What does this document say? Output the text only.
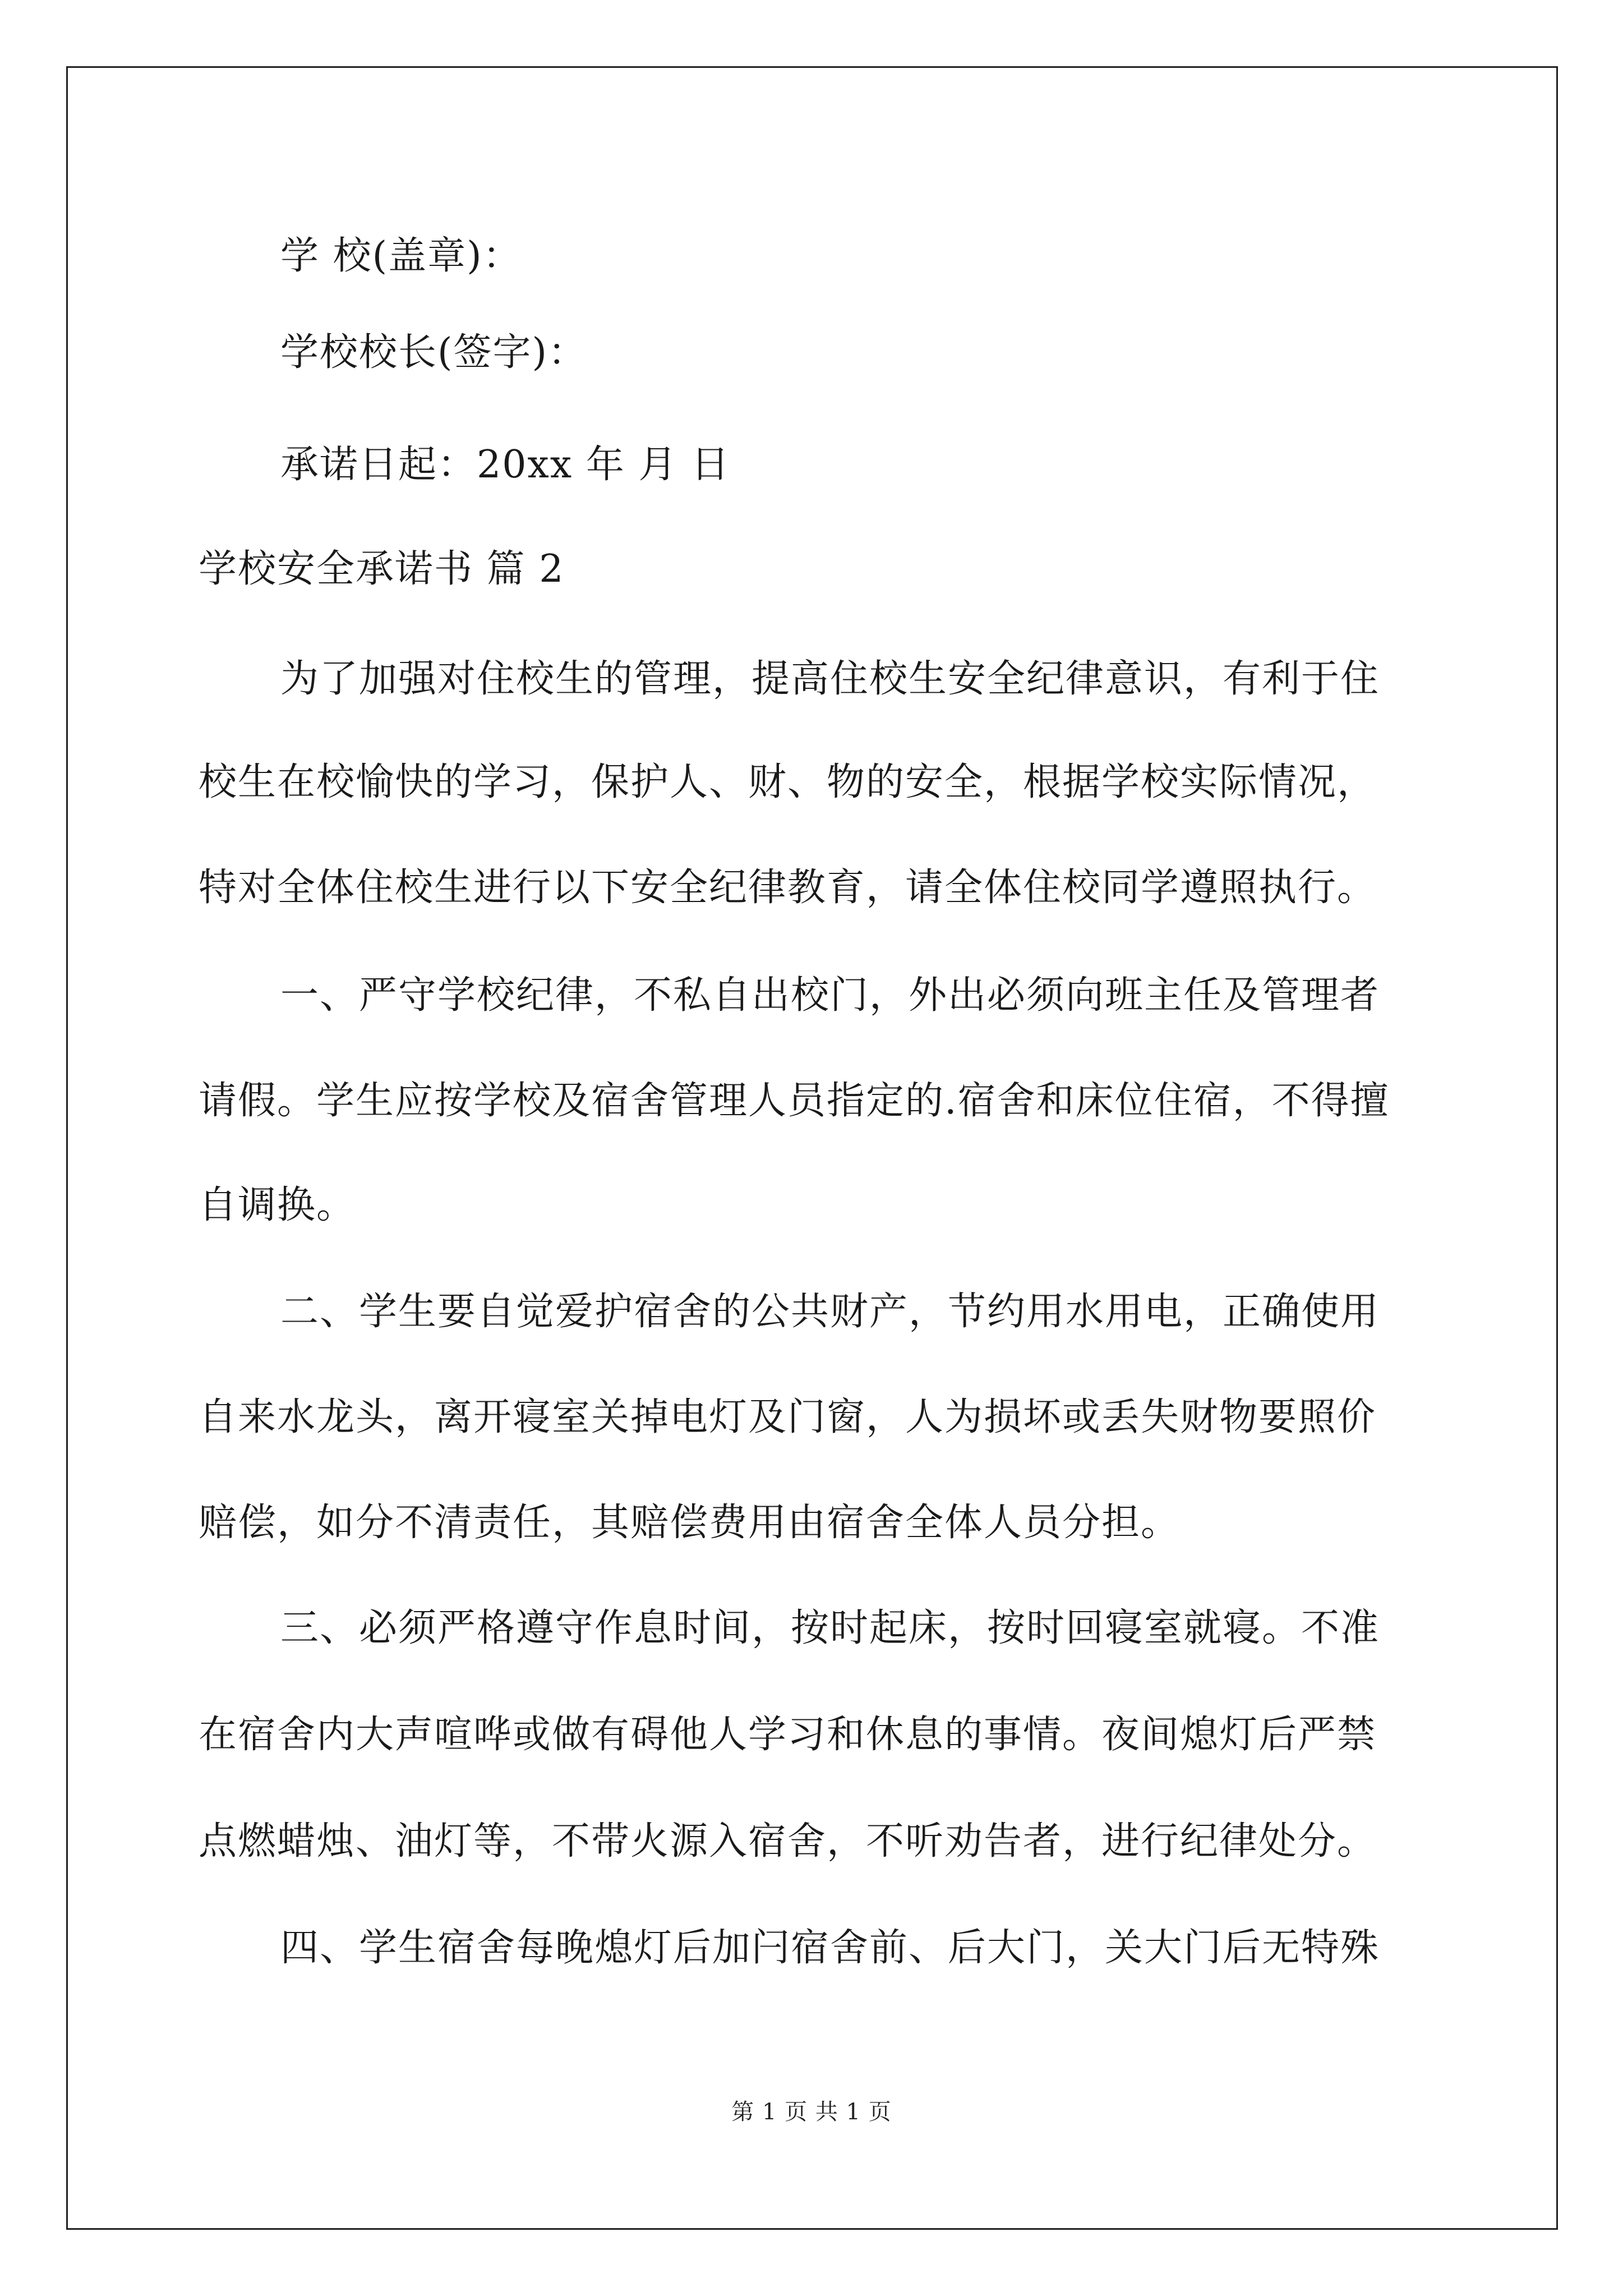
学 校(盖章)：

学校校长(签字)：

承诺日起：20xx 年 月 日

学校安全承诺书 篇 2

为了加强对住校生的管理，提高住校生安全纪律意识，有利于住

校生在校愉快的学习，保护人、财、物的安全，根据学校实际情况，

特对全体住校生进行以下安全纪律教育，请全体住校同学遵照执行。

一、严守学校纪律，不私自出校门，外出必须向班主任及管理者

请假。学生应按学校及宿舍管理人员指定的.宿舍和床位住宿，不得擅

自调换。

二、学生要自觉爱护宿舍的公共财产，节约用水用电，正确使用

自来水龙头，离开寝室关掉电灯及门窗，人为损坏或丢失财物要照价

赔偿，如分不清责任，其赔偿费用由宿舍全体人员分担。

三、必须严格遵守作息时间，按时起床，按时回寝室就寝。不准

在宿舍内大声喧哗或做有碍他人学习和休息的事情。夜间熄灯后严禁

点燃蜡烛、油灯等，不带火源入宿舍，不听劝告者，进行纪律处分。

四、学生宿舍每晚熄灯后加闩宿舍前、后大门，关大门后无特殊

第 1 页 共 1 页
